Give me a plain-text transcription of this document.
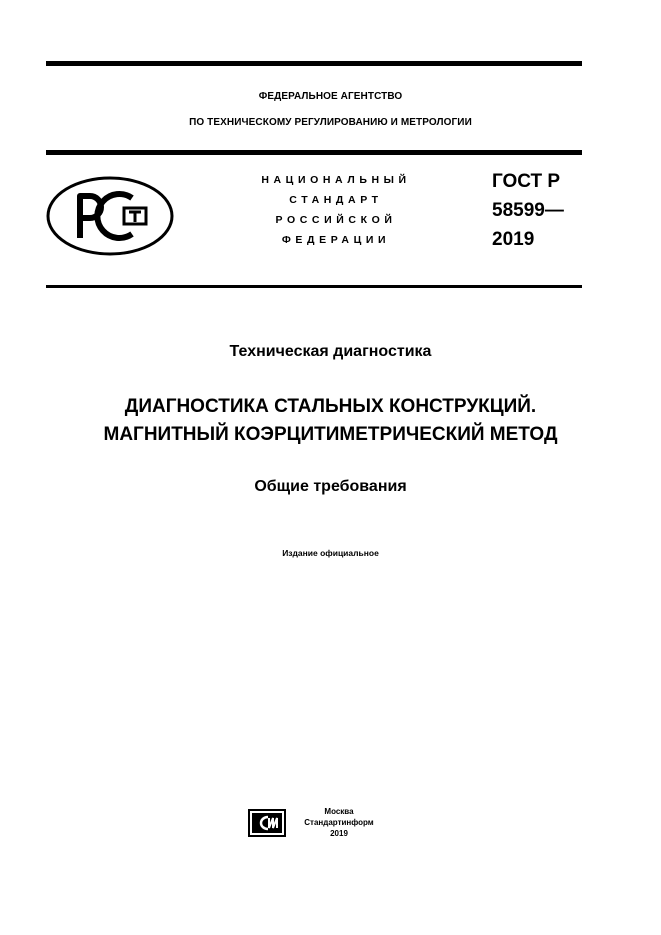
ФЕДЕРАЛЬНОЕ АГЕНТСТВО
ПО ТЕХНИЧЕСКОМУ РЕГУЛИРОВАНИЮ И МЕТРОЛОГИИ
НАЦИОНАЛЬНЫЙ
СТАНДАРТ
РОССИЙСКОЙ
ФЕДЕРАЦИИ
ГОСТ Р
58599—
2019
Техническая диагностика
ДИАГНОСТИКА СТАЛЬНЫХ КОНСТРУКЦИЙ.
МАГНИТНЫЙ КОЭРЦИТИМЕТРИЧЕСКИЙ МЕТОД
Общие требования
Издание официальное
Москва
Стандартинформ
2019
